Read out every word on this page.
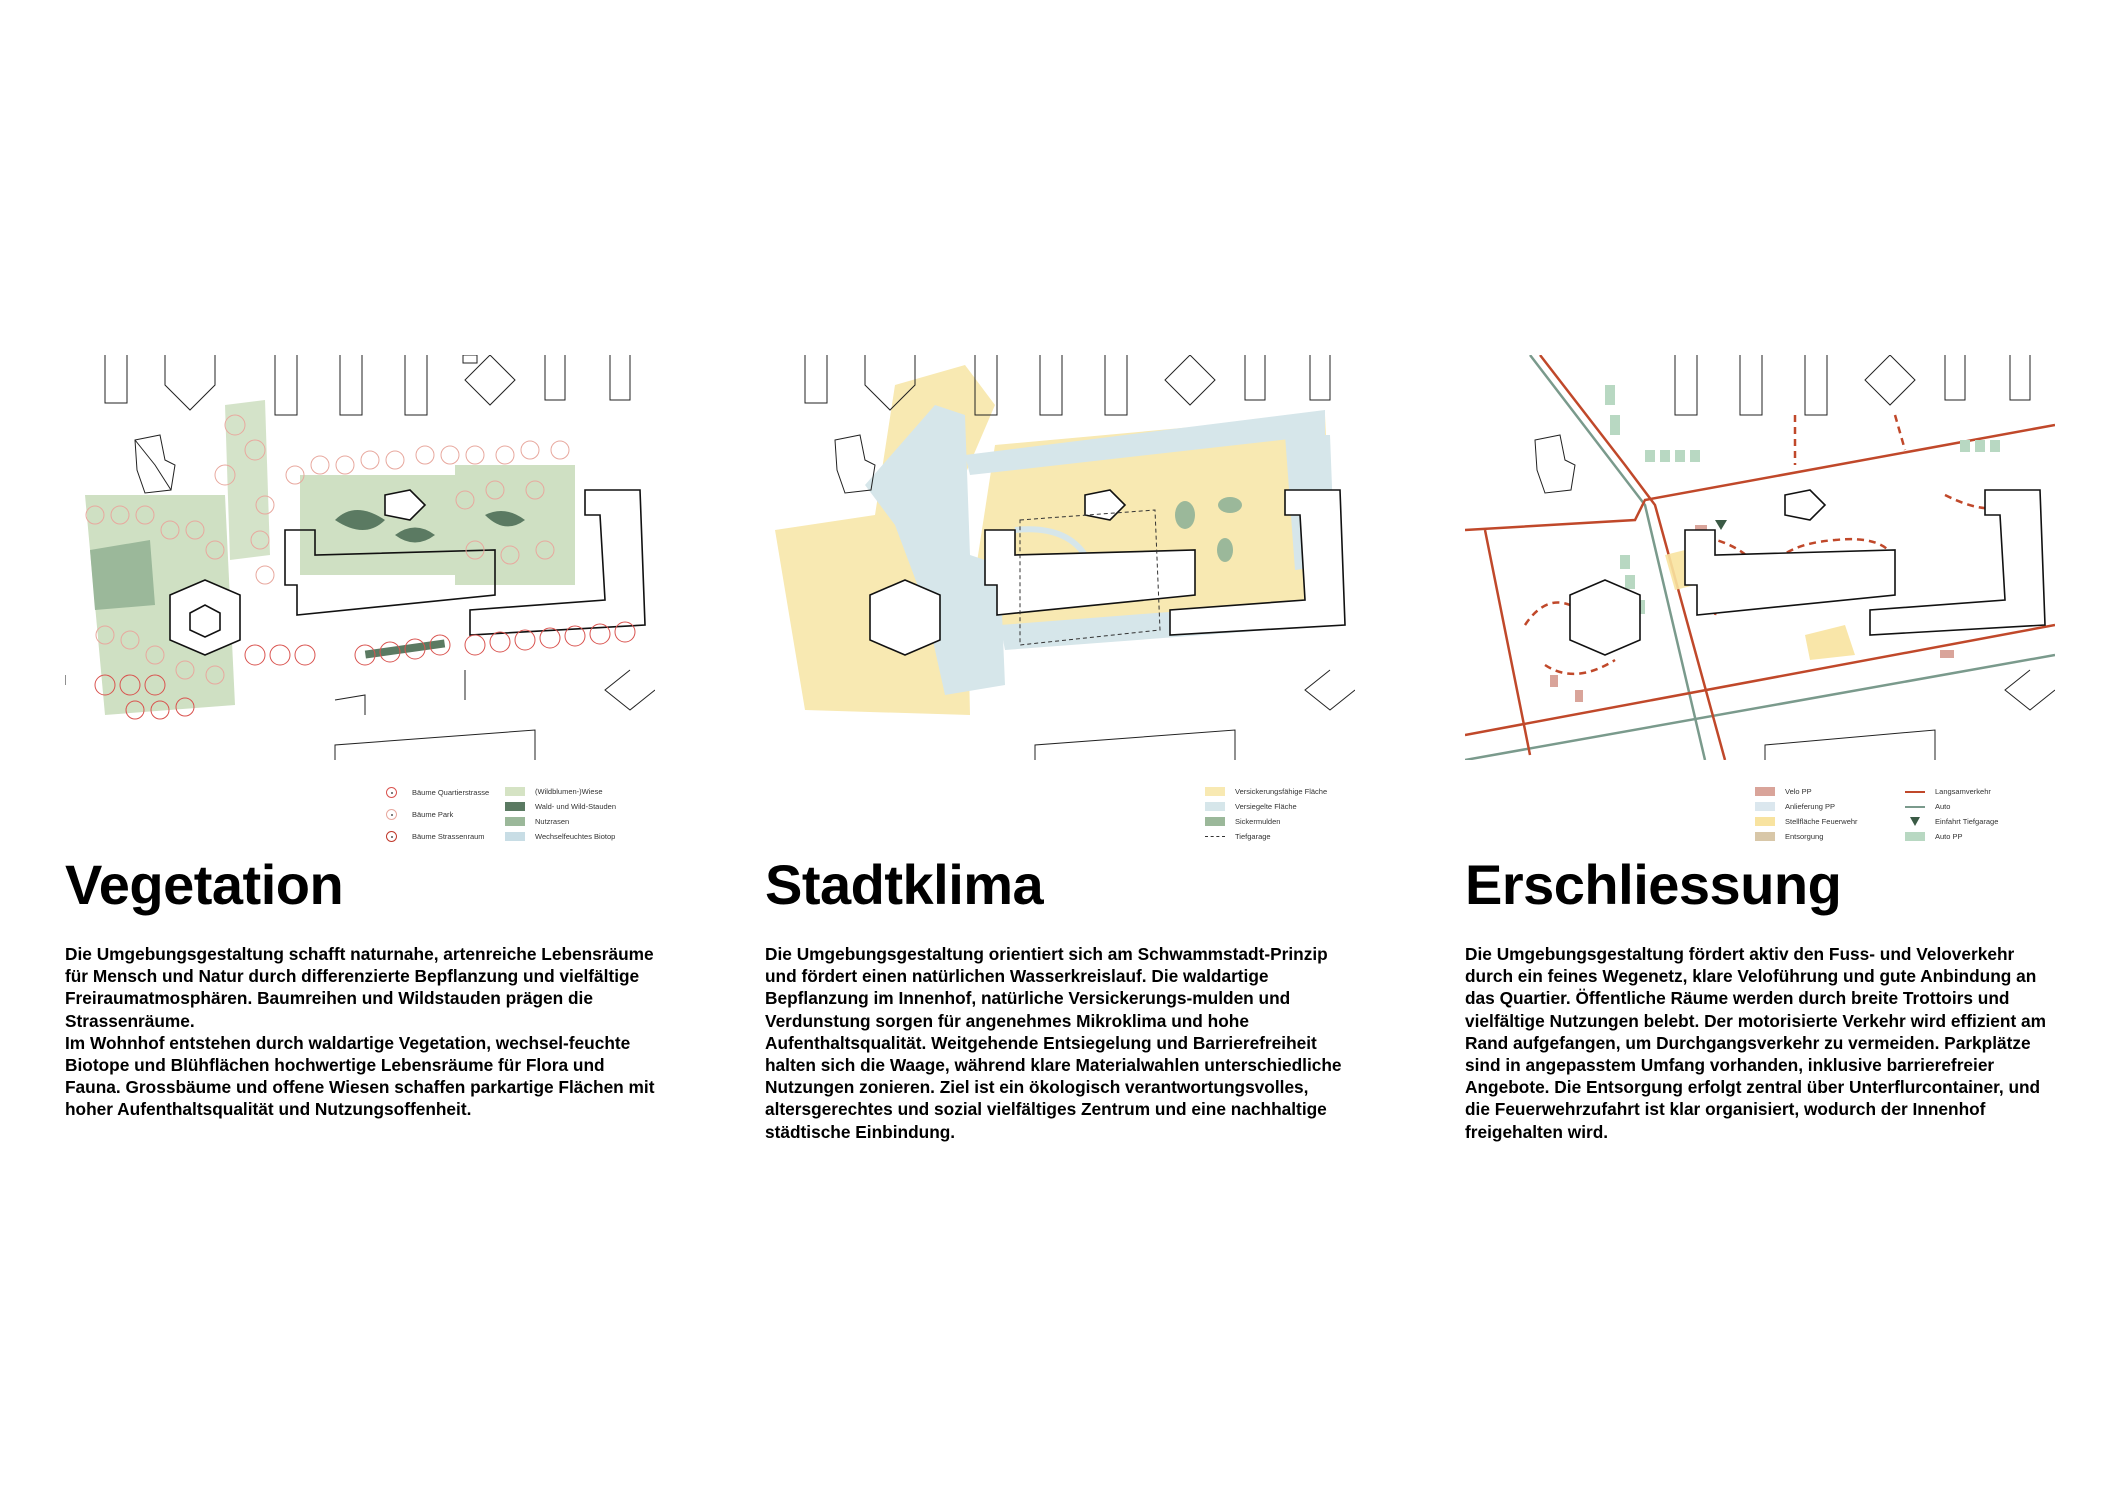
Bäume Quartierstrasse
Bäume Park
Bäume Strassenraum
(Wildblumen-)Wiese
Wald- und Wild-Stauden
Nutzrasen
Wechselfeuchtes Biotop
Vegetation

Die Umgebungsgestaltung schafft naturnahe, artenreiche Lebensräume für Mensch und Natur durch differenzierte Bepflanzung und vielfältige Freiraumatmosphären. Baumreihen und Wildstauden prägen die Strassenräume.
Im Wohnhof entstehen durch waldartige Vegetation, wechsel-feuchte Biotope und Blühflächen hochwertige Lebensräume für Flora und Fauna. Grossbäume und offene Wiesen schaffen parkartige Flächen mit hoher Aufenthaltsqualität und Nutzungsoffenheit.

Versickerungsfähige Fläche
Versiegelte Fläche
Sickermulden
Tiefgarage
Stadtklima

Die Umgebungsgestaltung orientiert sich am Schwammstadt-Prinzip und fördert einen natürlichen Wasserkreislauf. Die waldartige Bepflanzung im Innenhof, natürliche Versickerungs-mulden und Verdunstung sorgen für angenehmes Mikroklima und hohe Aufenthaltsqualität. Weitgehende Entsiegelung und Barrierefreiheit halten sich die Waage, während klare Materialwahlen unterschiedliche Nutzungen zonieren. Ziel ist ein ökologisch verantwortungsvolles, altersgerechtes und sozial vielfältiges Zentrum und eine nachhaltige städtische Einbindung.

Velo PP
Anlieferung PP
Stellfläche Feuerwehr
Entsorgung
Langsamverkehr
Auto
Einfahrt Tiefgarage
Auto PP
Erschliessung

Die Umgebungsgestaltung fördert aktiv den Fuss- und Veloverkehr durch ein feines Wegenetz, klare Veloführung und gute Anbindung an das Quartier. Öffentliche Räume werden durch breite Trottoirs und vielfältige Nutzungen belebt. Der motorisierte Verkehr wird effizient am Rand aufgefangen, um Durchgangsverkehr zu vermeiden. Parkplätze sind in angepasstem Umfang vorhanden, inklusive barrierefreier Angebote. Die Entsorgung erfolgt zentral über Unterflurcontainer, und die Feuerwehrzufahrt ist klar organisiert, wodurch der Innenhof freigehalten wird.
